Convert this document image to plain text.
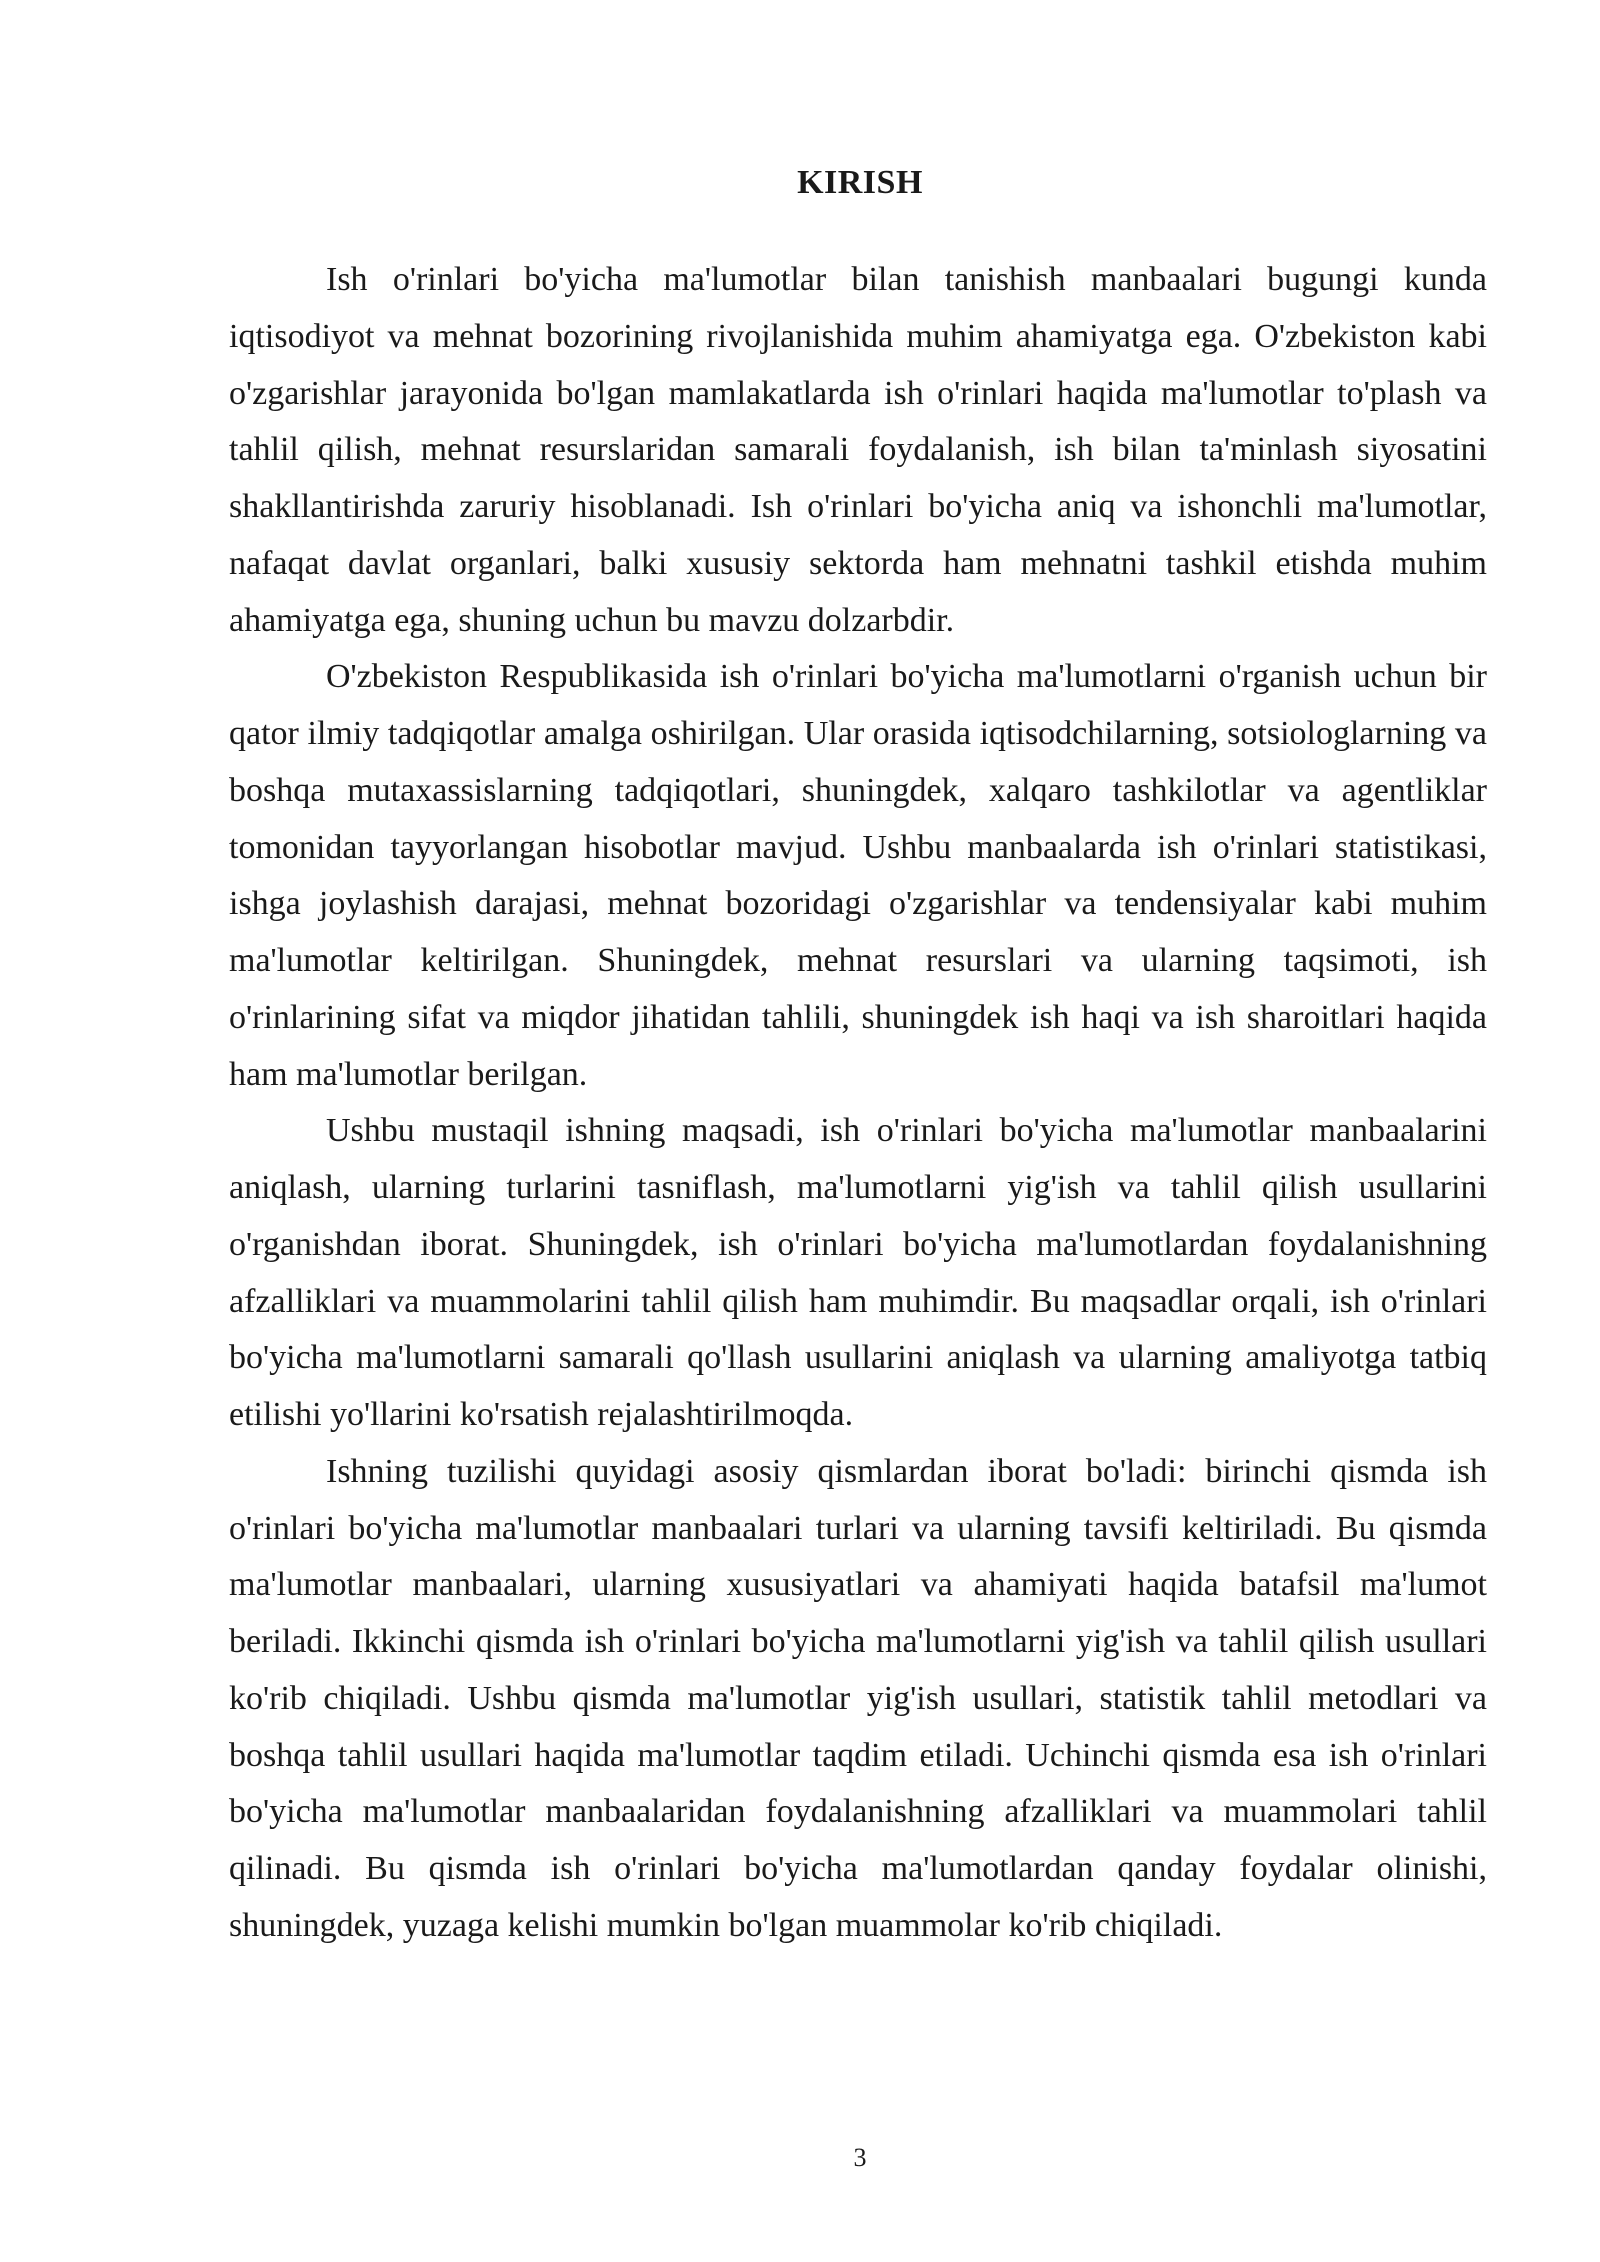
KIRISH

Ish o'rinlari bo'yicha ma'lumotlar bilan tanishish manbaalari bugungi kunda iqtisodiyot va mehnat bozorining rivojlanishida muhim ahamiyatga ega. O'zbekiston kabi o'zgarishlar jarayonida bo'lgan mamlakatlarda ish o'rinlari haqida ma'lumotlar to'plash va tahlil qilish, mehnat resurslaridan samarali foydalanish, ish bilan ta'minlash siyosatini shakllantirishda zaruriy hisoblanadi. Ish o'rinlari bo'yicha aniq va ishonchli ma'lumotlar, nafaqat davlat organlari, balki xususiy sektorda ham mehnatni tashkil etishda muhim ahamiyatga ega, shuning uchun bu mavzu dolzarbdir.

O'zbekiston Respublikasida ish o'rinlari bo'yicha ma'lumotlarni o'rganish uchun bir qator ilmiy tadqiqotlar amalga oshirilgan. Ular orasida iqtisodchilarning, sotsiologlarning va boshqa mutaxassislarning tadqiqotlari, shuningdek, xalqaro tashkilotlar va agentliklar tomonidan tayyorlangan hisobotlar mavjud. Ushbu manbaalarda ish o'rinlari statistikasi, ishga joylashish darajasi, mehnat bozoridagi o'zgarishlar va tendensiyalar kabi muhim ma'lumotlar keltirilgan. Shuningdek, mehnat resurslari va ularning taqsimoti, ish o'rinlarining sifat va miqdor jihatidan tahlili, shuningdek ish haqi va ish sharoitlari haqida ham ma'lumotlar berilgan.

Ushbu mustaqil ishning maqsadi, ish o'rinlari bo'yicha ma'lumotlar manbaalarini aniqlash, ularning turlarini tasniflash, ma'lumotlarni yig'ish va tahlil qilish usullarini o'rganishdan iborat. Shuningdek, ish o'rinlari bo'yicha ma'lumotlardan foydalanishning afzalliklari va muammolarini tahlil qilish ham muhimdir. Bu maqsadlar orqali, ish o'rinlari bo'yicha ma'lumotlarni samarali qo'llash usullarini aniqlash va ularning amaliyotga tatbiq etilishi yo'llarini ko'rsatish rejalashtirilmoqda.

Ishning tuzilishi quyidagi asosiy qismlardan iborat bo'ladi: birinchi qismda ish o'rinlari bo'yicha ma'lumotlar manbaalari turlari va ularning tavsifi keltiriladi. Bu qismda ma'lumotlar manbaalari, ularning xususiyatlari va ahamiyati haqida batafsil ma'lumot beriladi. Ikkinchi qismda ish o'rinlari bo'yicha ma'lumotlarni yig'ish va tahlil qilish usullari ko'rib chiqiladi. Ushbu qismda ma'lumotlar yig'ish usullari, statistik tahlil metodlari va boshqa tahlil usullari haqida ma'lumotlar taqdim etiladi. Uchinchi qismda esa ish o'rinlari bo'yicha ma'lumotlar manbaalaridan foydalanishning afzalliklari va muammolari tahlil qilinadi. Bu qismda ish o'rinlari bo'yicha ma'lumotlardan qanday foydalar olinishi, shuningdek, yuzaga kelishi mumkin bo'lgan muammolar ko'rib chiqiladi.

3
